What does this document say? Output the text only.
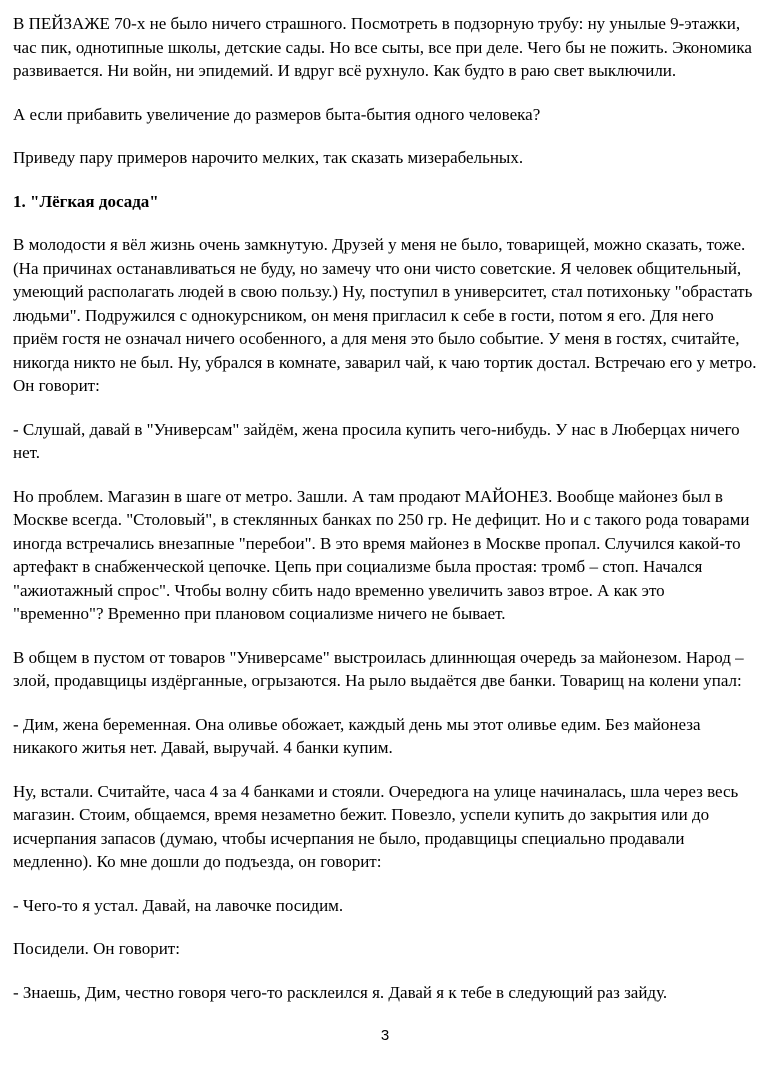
В ПЕЙЗАЖЕ 70-х не было ничего страшного. Посмотреть в подзорную трубу: ну унылые 9-этажки, час пик, однотипные школы, детские сады. Но все сыты, все при деле. Чего бы не пожить. Экономика развивается. Ни войн, ни эпидемий. И вдруг всё рухнуло. Как будто в раю свет выключили.

А если прибавить увеличение до размеров быта-бытия одного человека?

Приведу пару примеров нарочито мелких, так сказать мизерабельных.

1. "Лёгкая досада"

В молодости я вёл жизнь очень замкнутую. Друзей у меня не было, товарищей, можно сказать, тоже. (На причинах останавливаться не буду, но замечу что они чисто советские. Я человек общительный, умеющий располагать людей в свою пользу.) Ну, поступил в университет, стал потихоньку "обрастать людьми". Подружился с однокурсником, он меня пригласил к себе в гости, потом я его. Для него приём гостя не означал ничего особенного, а для меня это было событие. У меня в гостях, считайте, никогда никто не был. Ну, убрался в комнате, заварил чай, к чаю тортик достал. Встречаю его у метро. Он говорит:

- Слушай, давай в "Универсам" зайдём, жена просила купить чего-нибудь. У нас в Люберцах ничего нет.

Но проблем. Магазин в шаге от метро. Зашли. А там продают МАЙОНЕЗ. Вообще майонез был в Москве всегда. "Столовый", в стеклянных банках по 250 гр. Не дефицит. Но и с такого рода товарами иногда встречались внезапные "перебои". В это время майонез в Москве пропал. Случился какой-то артефакт в снабженческой цепочке. Цепь при социализме была простая: тромб – стоп. Начался "ажиотажный спрос". Чтобы волну сбить надо временно увеличить завоз втрое. А как это "временно"? Временно при плановом социализме ничего не бывает.

В общем в пустом от товаров "Универсаме" выстроилась длиннющая очередь за майонезом. Народ – злой, продавщицы издёрганные, огрызаются. На рыло выдаётся две банки. Товарищ на колени упал:

- Дим, жена беременная. Она оливье обожает, каждый день мы этот оливье едим. Без майонеза никакого житья нет. Давай, выручай. 4 банки купим.

Ну, встали. Считайте, часа 4 за 4 банками и стояли. Очередюга на улице начиналась, шла через весь магазин. Стоим, общаемся, время незаметно бежит. Повезло, успели купить до закрытия или до исчерпания запасов (думаю, чтобы исчерпания не было, продавщицы специально продавали медленно). Ко мне дошли до подъезда, он говорит:

- Чего-то я устал. Давай, на лавочке посидим.

Посидели. Он говорит:

- Знаешь, Дим, честно говоря чего-то расклеился я. Давай я к тебе в следующий раз зайду.

3
